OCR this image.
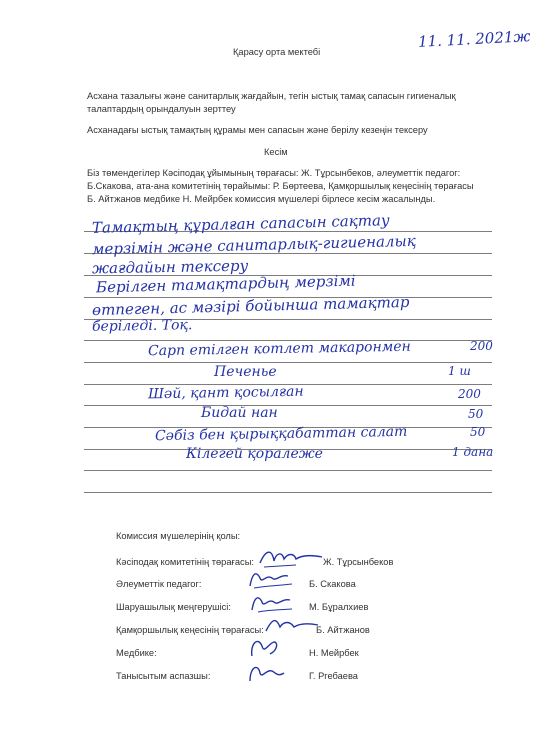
11. 11. 2021ж
Қарасу орта мектебі
Асхана тазалығы және санитарлық жағдайын, тегін ыстық тамақ сапасын гигиеналық
талаптардың орындалуын зерттеу
Асханадағы ыстық тамақтың құрамы мен сапасын және берілу кезеңін тексеру
Кесім
Біз төмендегілер Кәсіподақ ұйымының төрағасы: Ж. Тұрсынбеков, әлеуметтік педагог:
Б.Скакова, ата-ана комитетінің төрайымы: Р. Бөртеева, Қамқоршылық кеңесінің төрағасы
Б. Айтжанов медбике Н. Мейрбек комиссия мүшелері бірлесе кесім жасалынды.
Тамақтың құралған сапасын сақтау
мерзімін және санитарлық-гигиеналық
жағдайын тексеру
Берілген тамақтардың мерзімі
өтпеген, ас мәзірі бойынша тамақтар
беріледі. Тоқ.
Сарп етілген котлет макаронмен	200
Печенье	1 ш
Шәй, қант қосылған	200
Бидай нан	50
Сәбіз бен қырыққабаттан салат	50
Кілегей қоралеже	1 дана
Комиссия мүшелерінің қолы:
Кәсіподақ комитетінің төрағасы:	Ж. Тұрсынбеков
Әлеуметтік педагог:	Б. Скакова
Шаруашылық меңгерушісі:	М. Бұралхиев
Қамқоршылық кеңесінің төрағасы:	Б. Айтжанов
Медбике:	Н. Мейрбек
Танысытым аспазшы:	Г. Ргебаева
